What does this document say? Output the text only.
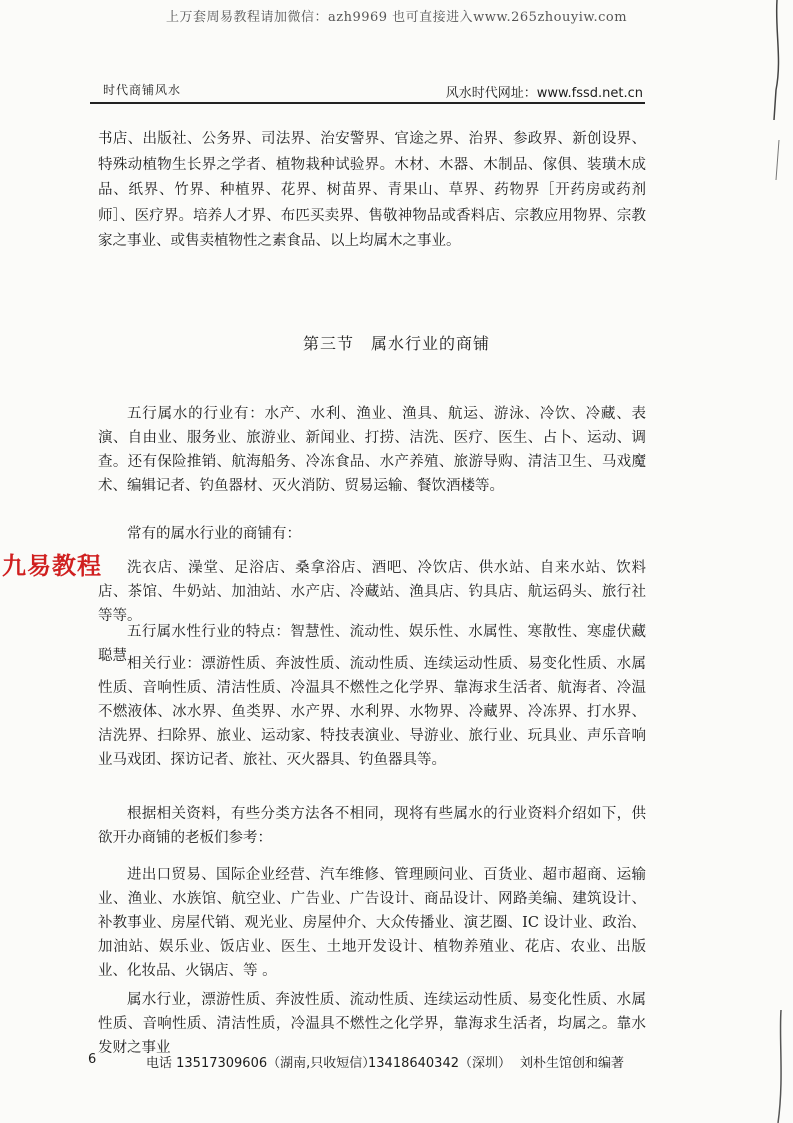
上万套周易教程请加微信：azh9969 也可直接进入www.265zhouyiw.com
时代商铺风水	风水时代网址：www.fssd.net.cn

书店、出版社、公务界、司法界、治安警界、官途之界、治界、参政界、新创设界、特殊动植物生长界之学者、植物栽种试验界。木材、木器、木制品、傢俱、装璜木成品、纸界、竹界、种植界、花界、树苗界、青果山、草界、药物界［开药房或药剂师］、医疗界。培养人才界、布匹买卖界、售敬神物品或香料店、宗教应用物界、宗教家之事业、或售卖植物性之素食品、以上均属木之事业。

第三节　属水行业的商铺

五行属水的行业有：水产、水利、渔业、渔具、航运、游泳、冷饮、冷藏、表演、自由业、服务业、旅游业、新闻业、打捞、洁洗、医疗、医生、占卜、运动、调查。还有保险推销、航海船务、冷冻食品、水产养殖、旅游导购、清洁卫生、马戏魔术、编辑记者、钓鱼器材、灭火消防、贸易运输、餐饮酒楼等。

常有的属水行业的商铺有：

洗衣店、澡堂、足浴店、桑拿浴店、酒吧、冷饮店、供水站、自来水站、饮料店、茶馆、牛奶站、加油站、水产店、冷藏站、渔具店、钓具店、航运码头、旅行社等等。

五行属水性行业的特点：智慧性、流动性、娱乐性、水属性、寒散性、寒虚伏藏聪慧 相关行业：漂游性质、奔波性质、流动性质、连续运动性质、易变化性质、水属性质、音响性质、清洁性质、冷温具不燃性之化学界、靠海求生活者、航海者、冷温不燃液体、冰水界、鱼类界、水产界、水利界、水物界、冷藏界、冷冻界、打水界、洁洗界、扫除界、旅业、运动家、特技表演业、导游业、旅行业、玩具业、声乐音响业马戏团、探访记者、旅社、灭火器具、钓鱼器具等。

根据相关资料，有些分类方法各不相同，现将有些属水的行业资料介绍如下，供欲开办商铺的老板们参考：

进出口贸易、国际企业经营、汽车维修、管理顾问业、百货业、超市超商、运输业、渔业、水族馆、航空业、广告业、广告设计、商品设计、网路美编、建筑设计、补教事业、房屋代销、观光业、房屋仲介、大众传播业、演艺圈、IC 设计业、政治、加油站、娱乐业、饭店业、医生、土地开发设计、植物养殖业、花店、农业、出版业、化妆品、火锅店、等 。

属水行业，漂游性质、奔波性质、流动性质、连续运动性质、易变化性质、水属性质、音响性质、清洁性质，冷温具不燃性之化学界，靠海求生活者，均属之。靠水发财之事业

九易教程
6	电话 13517309606（湖南,只收短信）
13418640342（深圳） 刘朴生馆创和编著
